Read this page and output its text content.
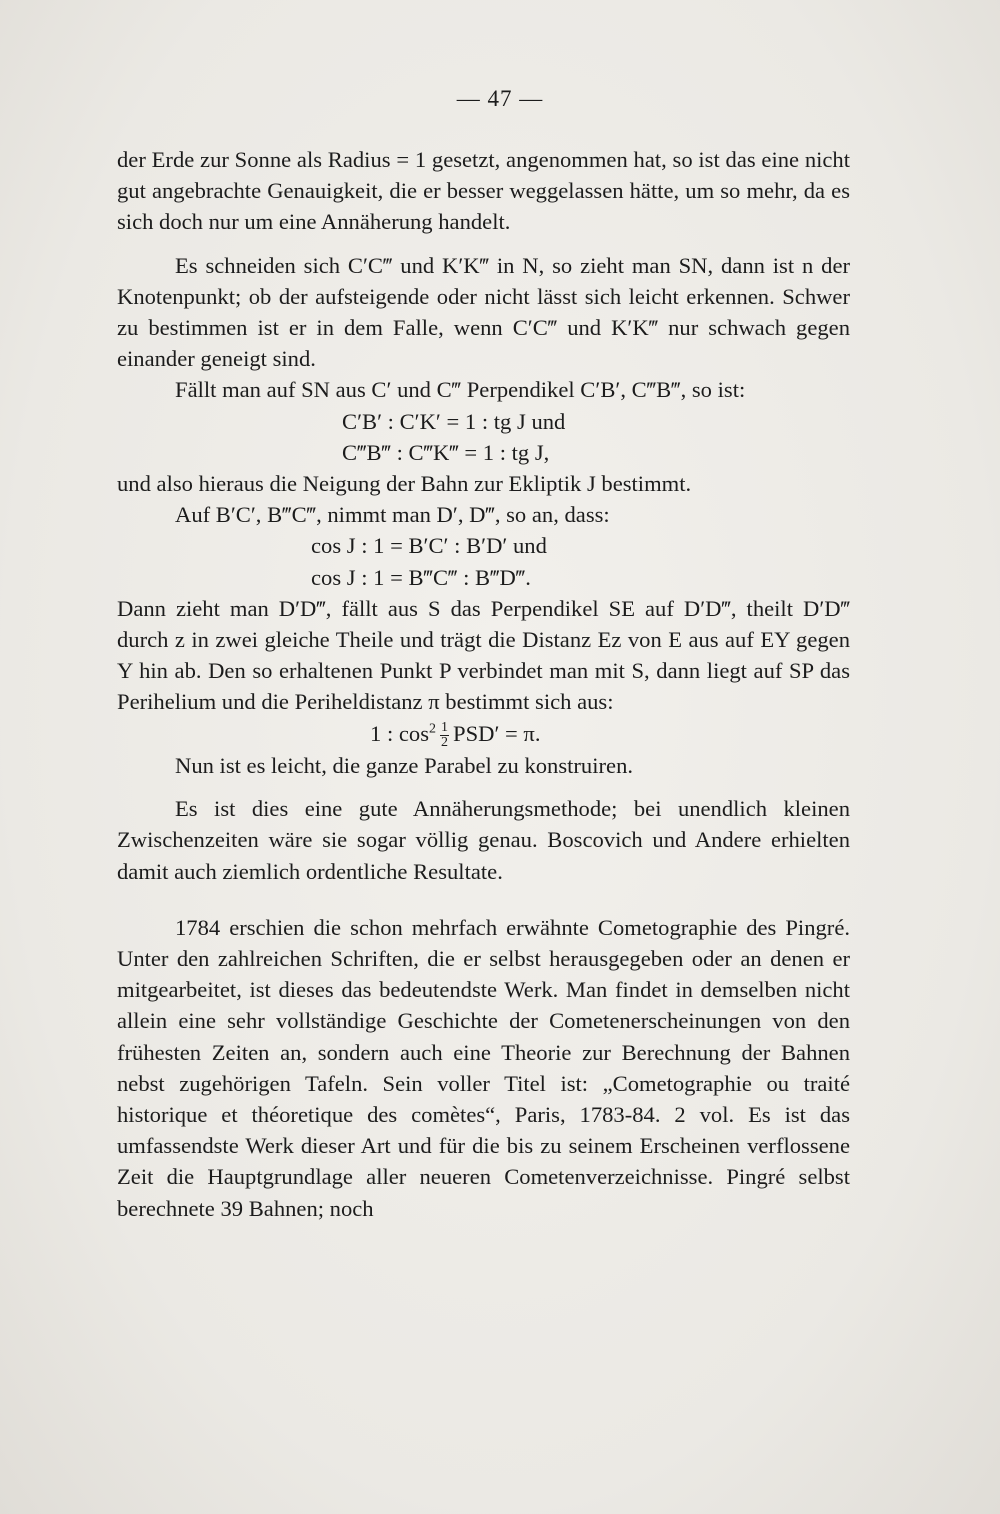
— 47 —

der Erde zur Sonne als Radius = 1 gesetzt, angenommen hat, so ist das eine nicht gut angebrachte Genauigkeit, die er besser weggelassen hätte, um so mehr, da es sich doch nur um eine Annäherung handelt.

Es schneiden sich C′C‴ und K′K‴ in N, so zieht man SN, dann ist n der Knotenpunkt; ob der aufsteigende oder nicht lässt sich leicht erkennen. Schwer zu bestimmen ist er in dem Falle, wenn C′C‴ und K′K‴ nur schwach gegen einander geneigt sind.

Fällt man auf SN aus C′ und C‴ Perpendikel C′B′, C‴B‴, so ist:

C′B′ : C′K′ = 1 : tg J und

C‴B‴ : C‴K‴ = 1 : tg J,

und also hieraus die Neigung der Bahn zur Ekliptik J bestimmt.

Auf B′C′, B‴C‴, nimmt man D′, D‴, so an, dass:

cos J : 1 = B′C′ : B′D′ und

cos J : 1 = B‴C‴ : B‴D‴.

Dann zieht man D′D‴, fällt aus S das Perpendikel SE auf D′D‴, theilt D′D‴ durch z in zwei gleiche Theile und trägt die Distanz Ez von E aus auf EY gegen Y hin ab. Den so erhaltenen Punkt P verbindet man mit S, dann liegt auf SP das Perihelium und die Periheldistanz π bestimmt sich aus:

1 : $\cos^2 \frac{1}{2} PSD' = \pi$.

Nun ist es leicht, die ganze Parabel zu konstruiren.

Es ist dies eine gute Annäherungsmethode; bei unendlich kleinen Zwischenzeiten wäre sie sogar völlig genau. Boscovich und Andere erhielten damit auch ziemlich ordentliche Resultate.

1784 erschien die schon mehrfach erwähnte Cometographie des Pingré. Unter den zahlreichen Schriften, die er selbst herausgegeben oder an denen er mitgearbeitet, ist dieses das bedeutendste Werk. Man findet in demselben nicht allein eine sehr vollständige Geschichte der Cometenerscheinungen von den frühesten Zeiten an, sondern auch eine Theorie zur Berechnung der Bahnen nebst zugehörigen Tafeln. Sein voller Titel ist: „Cometographie ou traité historique et théoretique des comètes“, Paris, 1783-84. 2 vol. Es ist das umfassendste Werk dieser Art und für die bis zu seinem Erscheinen verflossene Zeit die Hauptgrundlage aller neueren Cometenverzeichnisse. Pingré selbst berechnete 39 Bahnen; noch
